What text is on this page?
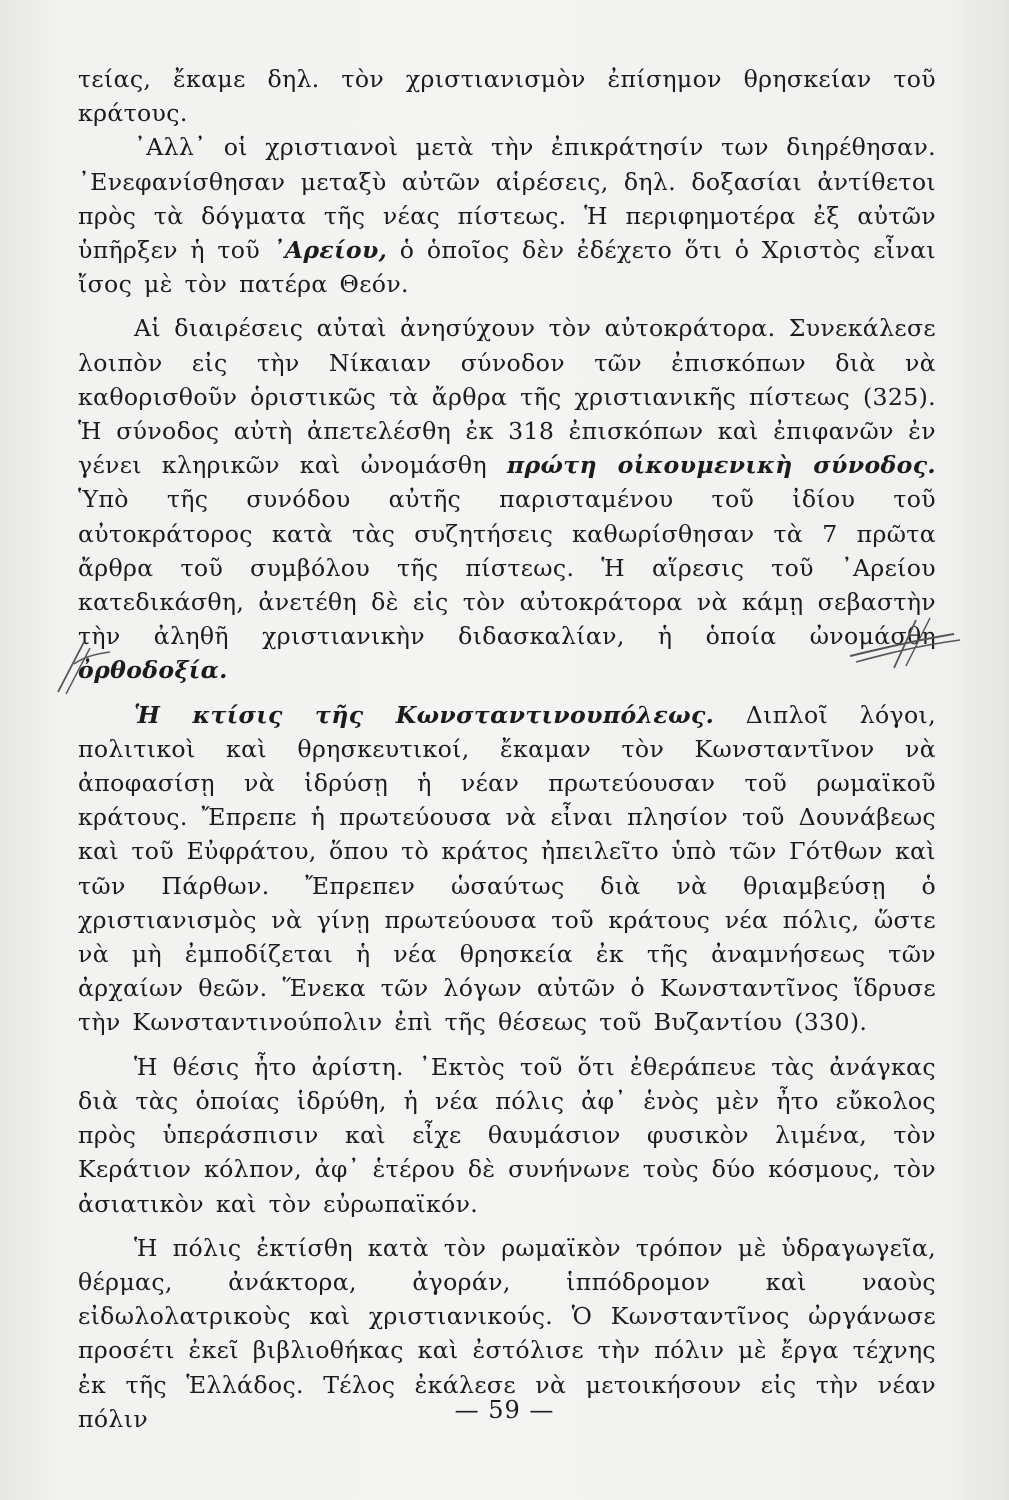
τείας, ἔκαμε δηλ. τὸν χριστιανισμὸν ἐπίσημον θρησκείαν τοῦ κράτους.

᾿Αλλ᾿ οἱ χριστιανοὶ μετὰ τὴν ἐπικράτησίν των διηρέθησαν. ᾿Ενεφανίσθησαν μεταξὺ αὐτῶν αἱρέσεις, δηλ. δοξασίαι ἀντίθετοι πρὸς τὰ δόγματα τῆς νέας πίστεως. Ἡ περιφημοτέρα ἐξ αὐτῶν ὑπῆρξεν ἡ τοῦ ᾿Αρείου, ὁ ὁποῖος δὲν ἐδέχετο ὅτι ὁ Χριστὸς εἶναι ἴσος μὲ τὸν πατέρα Θεόν.

Αἱ διαιρέσεις αὐταὶ ἀνησύχουν τὸν αὐτοκράτορα. Συνεκάλεσε λοιπὸν εἰς τὴν Νίκαιαν σύνοδον τῶν ἐπισκόπων διὰ νὰ καθορισθοῦν ὁριστικῶς τὰ ἄρθρα τῆς χριστιανικῆς πίστεως (325). Ἡ σύνοδος αὐτὴ ἀπετελέσθη ἐκ 318 ἐπισκόπων καὶ ἐπιφανῶν ἐν γένει κληρικῶν καὶ ὠνομάσθη πρώτη οἰκουμενικὴ σύνοδος. Ὑπὸ τῆς συνόδου αὐτῆς παρισταμένου τοῦ ἰδίου τοῦ αὐτοκράτορος κατὰ τὰς συζητήσεις καθωρίσθησαν τὰ 7 πρῶτα ἄρθρα τοῦ συμβόλου τῆς πίστεως. Ἡ αἵρεσις τοῦ ᾿Αρείου κατεδικάσθη, ἀνετέθη δὲ εἰς τὸν αὐτοκράτορα νὰ κάμῃ σεβαστὴν τὴν ἀληθῆ χριστιανικὴν διδασκαλίαν, ἡ ὁποία ὠνομάσθη ὀρθοδοξία.

Ἡ κτίσις τῆς Κωνσταντινουπόλεως. Διπλοῖ λόγοι, πολιτικοὶ καὶ θρησκευτικοί, ἔκαμαν τὸν Κωνσταντῖνον νὰ ἀποφασίσῃ νὰ ἱδρύσῃ ἡ νέαν πρωτεύουσαν τοῦ ρωμαϊκοῦ κράτους. Ἔπρεπε ἡ πρωτεύουσα νὰ εἶναι πλησίον τοῦ Δουνάβεως καὶ τοῦ Εὐφράτου, ὅπου τὸ κράτος ἠπειλεῖτο ὑπὸ τῶν Γότθων καὶ τῶν Πάρθων. Ἔπρεπεν ὡσαύτως διὰ νὰ θριαμβεύσῃ ὁ χριστιανισμὸς νὰ γίνῃ πρωτεύουσα τοῦ κράτους νέα πόλις, ὥστε νὰ μὴ ἐμποδίζεται ἡ νέα θρησκεία ἐκ τῆς ἀναμνήσεως τῶν ἀρχαίων θεῶν. Ἕνεκα τῶν λόγων αὐτῶν ὁ Κωνσταντῖνος ἵδρυσε τὴν Κωνσταντινούπολιν ἐπὶ τῆς θέσεως τοῦ Βυζαντίου (330).

Ἡ θέσις ἦτο ἀρίστη. ᾿Εκτὸς τοῦ ὅτι ἐθεράπευε τὰς ἀνάγκας διὰ τὰς ὁποίας ἱδρύθη, ἡ νέα πόλις ἀφ᾿ ἑνὸς μὲν ἦτο εὔκολος πρὸς ὑπεράσπισιν καὶ εἶχε θαυμάσιον φυσικὸν λιμένα, τὸν Κεράτιον κόλπον, ἀφ᾿ ἑτέρου δὲ συνήνωνε τοὺς δύο κόσμους, τὸν ἀσιατικὸν καὶ τὸν εὐρωπαϊκόν.

Ἡ πόλις ἐκτίσθη κατὰ τὸν ρωμαϊκὸν τρόπον μὲ ὑδραγωγεῖα, θέρμας, ἀνάκτορα, ἀγοράν, ἱππόδρομον καὶ ναοὺς εἰδωλολατρικοὺς καὶ χριστιανικούς. Ὁ Κωνσταντῖνος ὠργάνωσε προσέτι ἐκεῖ βιβλιοθήκας καὶ ἐστόλισε τὴν πόλιν μὲ ἔργα τέχνης ἐκ τῆς Ἑλλάδος. Τέλος ἐκάλεσε νὰ μετοικήσουν εἰς τὴν νέαν πόλιν	— 59 —
